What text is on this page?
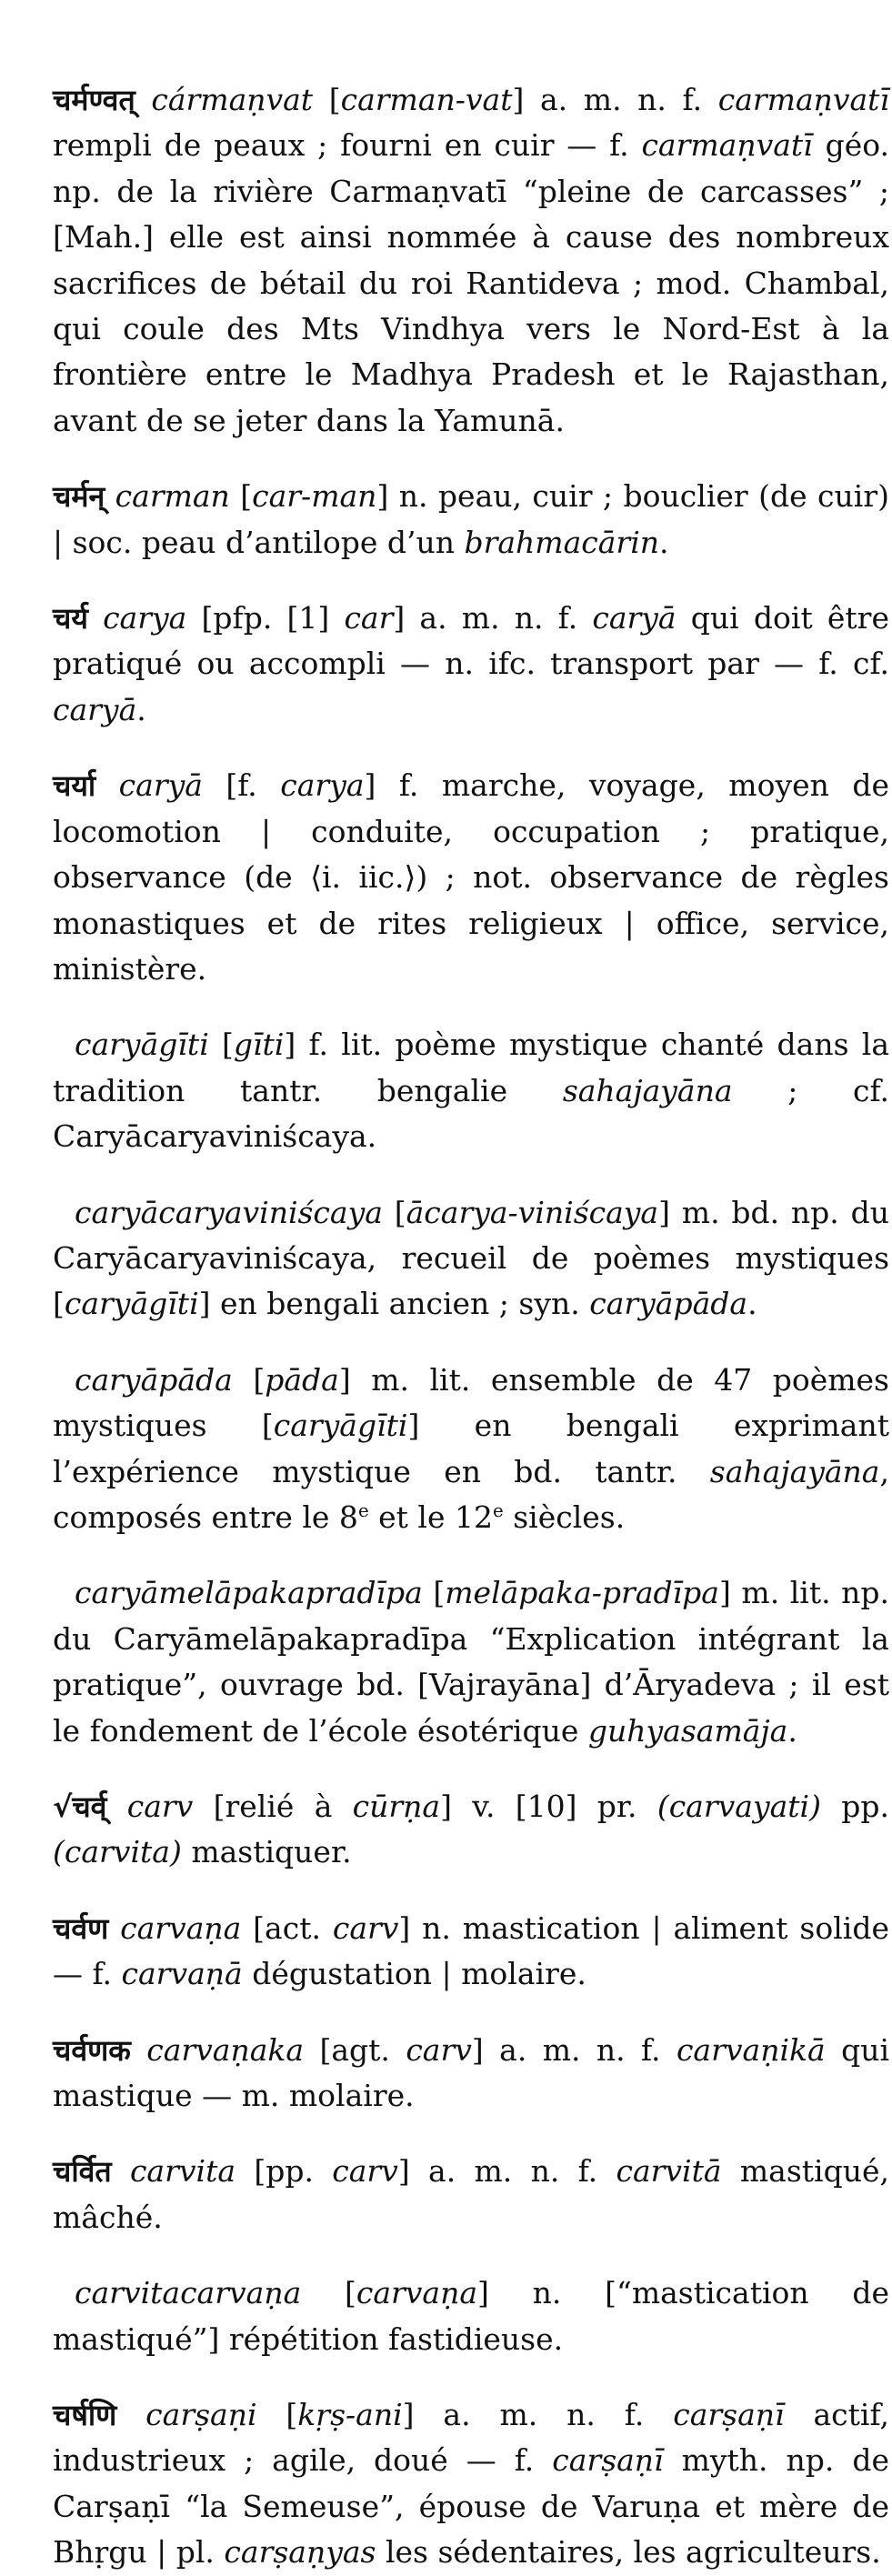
चर्मण्वत् cármaṇvat [carman-vat] a. m. n. f. carmaṇvatī rempli de peaux ; fourni en cuir — f. carmaṇvatī géo. np. de la rivière Carmaṇvatī “pleine de carcasses” ; [Mah.] elle est ainsi nommée à cause des nombreux sacrifices de bétail du roi Rantideva ; mod. Chambal, qui coule des Mts Vindhya vers le Nord-Est à la frontière entre le Madhya Pradesh et le Rajasthan, avant de se jeter dans la Yamunā.

चर्मन् carman [car-man] n. peau, cuir ; bouclier (de cuir) | soc. peau d’antilope d’un brahmacārin.

चर्य carya [pfp. [1] car] a. m. n. f. caryā qui doit être pratiqué ou accompli — n. ifc. transport par — f. cf. caryā.

चर्या caryā [f. carya] f. marche, voyage, moyen de locomotion | conduite, occupation ; pratique, observance (de ⟨i. iic.⟩) ; not. observance de règles monastiques et de rites religieux | office, service, ministère.

caryāgīti [gīti] f. lit. poème mystique chanté dans la tradition tantr. bengalie sahajayāna ; cf. Caryācaryaviniścaya.

caryācaryaviniścaya [ācarya-viniścaya] m. bd. np. du Caryācaryaviniścaya, recueil de poèmes mystiques [caryāgīti] en bengali ancien ; syn. caryāpāda.

caryāpāda [pāda] m. lit. ensemble de 47 poèmes mystiques [caryāgīti] en bengali exprimant l’expérience mystique en bd. tantr. sahajayāna, composés entre le 8e et le 12e siècles.

caryāmelāpakapradīpa [melāpaka-pradīpa] m. lit. np. du Caryāmelāpakapradīpa “Explication intégrant la pratique”, ouvrage bd. [Vajrayāna] d’Āryadeva ; il est le fondement de l’école ésotérique guhyasamāja.

√चर्व् carv [relié à cūrṇa] v. [10] pr. (carvayati) pp. (carvita) mastiquer.

चर्वण carvaṇa [act. carv] n. mastication | aliment solide — f. carvaṇā dégustation | molaire.

चर्वणक carvaṇaka [agt. carv] a. m. n. f. carvaṇikā qui mastique — m. molaire.

चर्वित carvita [pp. carv] a. m. n. f. carvitā mastiqué, mâché.

carvitacarvaṇa [carvaṇa] n. [“mastication de mastiqué”] répétition fastidieuse.

चर्षणि carṣaṇi [kṛṣ-ani] a. m. n. f. carṣaṇī actif, industrieux ; agile, doué — f. carṣaṇī myth. np. de Carṣaṇī “la Semeuse”, épouse de Varuṇa et mère de Bhṛgu | pl. carṣaṇyas les sédentaires, les agriculteurs.
